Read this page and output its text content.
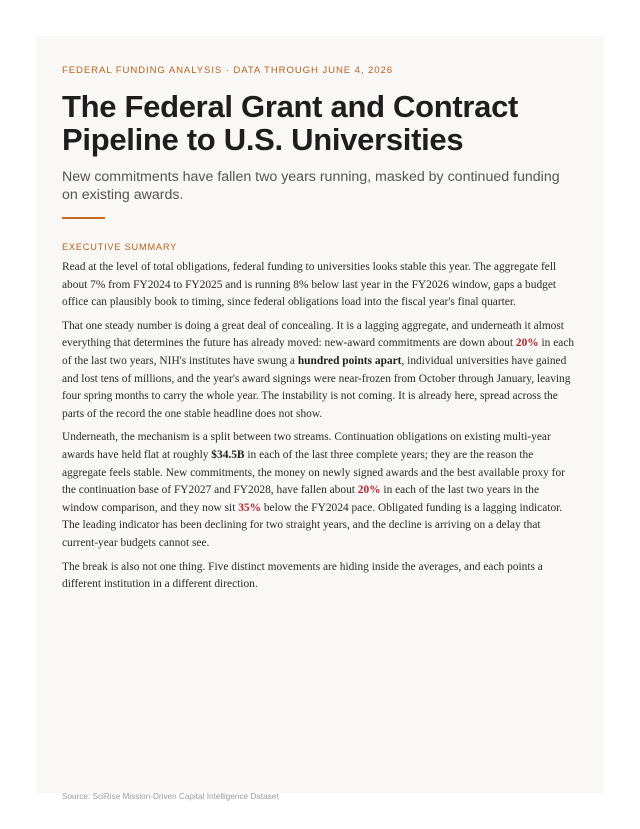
FEDERAL FUNDING ANALYSIS · DATA THROUGH JUNE 4, 2026

The Federal Grant and Contract Pipeline to U.S. Universities

New commitments have fallen two years running, masked by continued funding on existing awards.

EXECUTIVE SUMMARY

Read at the level of total obligations, federal funding to universities looks stable this year. The aggregate fell about 7% from FY2024 to FY2025 and is running 8% below last year in the FY2026 window, gaps a budget office can plausibly book to timing, since federal obligations load into the fiscal year's final quarter.

That one steady number is doing a great deal of concealing. It is a lagging aggregate, and underneath it almost everything that determines the future has already moved: new-award commitments are down about 20% in each of the last two years, NIH's institutes have swung a hundred points apart, individual universities have gained and lost tens of millions, and the year's award signings were near-frozen from October through January, leaving four spring months to carry the whole year. The instability is not coming. It is already here, spread across the parts of the record the one stable headline does not show.

Underneath, the mechanism is a split between two streams. Continuation obligations on existing multi-year awards have held flat at roughly $34.5B in each of the last three complete years; they are the reason the aggregate feels stable. New commitments, the money on newly signed awards and the best available proxy for the continuation base of FY2027 and FY2028, have fallen about 20% in each of the last two years in the window comparison, and they now sit 35% below the FY2024 pace. Obligated funding is a lagging indicator. The leading indicator has been declining for two straight years, and the decline is arriving on a delay that current-year budgets cannot see.

The break is also not one thing. Five distinct movements are hiding inside the averages, and each points a different institution in a different direction.

Source: SciRise Mission-Driven Capital Intelligence Dataset
